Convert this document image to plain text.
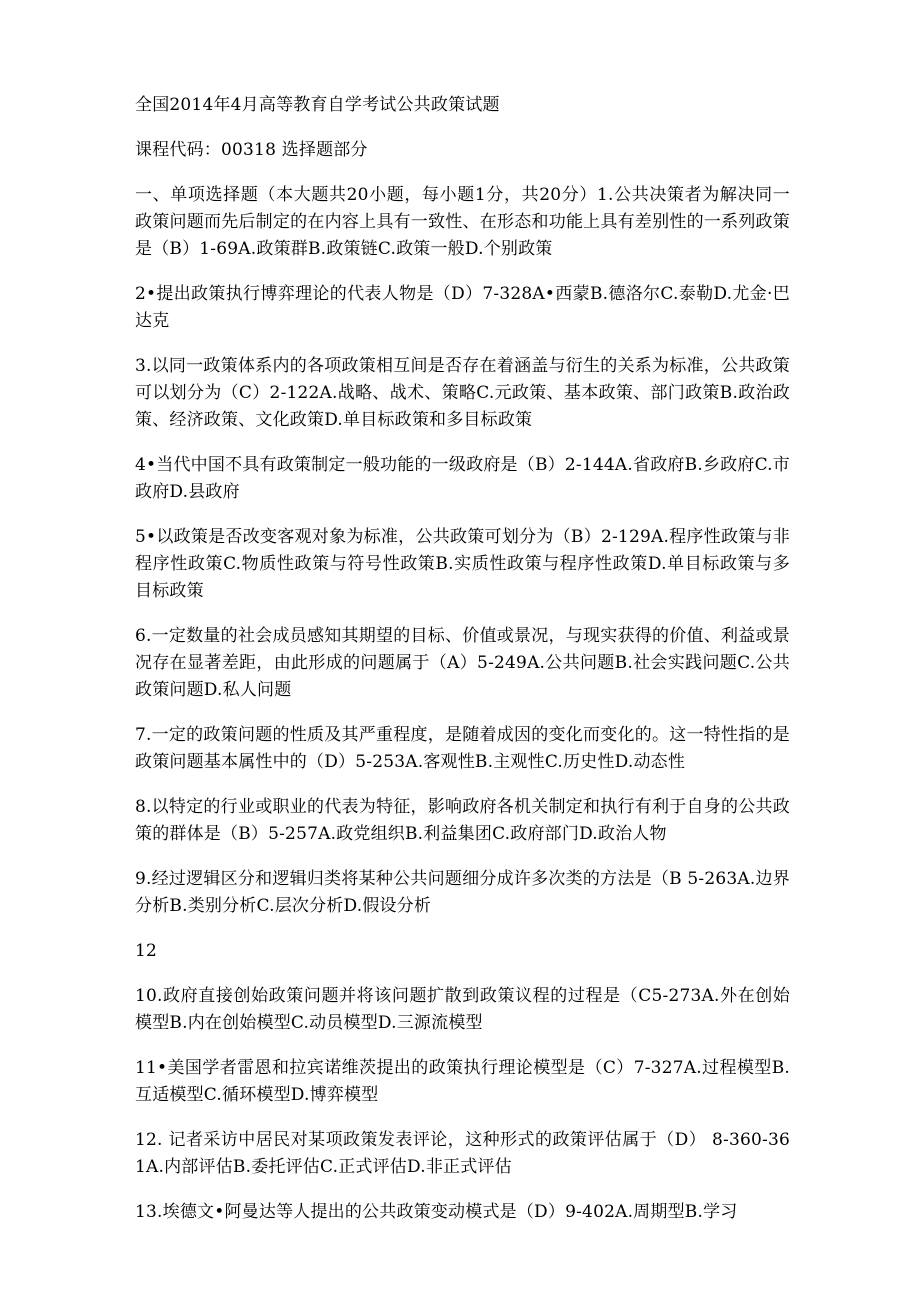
全国2014年4月高等教育自学考试公共政策试题

课程代码：00318 选择题部分

一、单项选择题（本大题共20小题，每小题1分，共20分）1.公共决策者为解决同一政策问题而先后制定的在内容上具有一致性、在形态和功能上具有差别性的一系列政策是（B）1-69A.政策群B.政策链C.政策一般D.个别政策

2•提出政策执行博弈理论的代表人物是（D）7-328A•西蒙B.德洛尔C.泰勒D.尤金·巴达克

3.以同一政策体系内的各项政策相互间是否存在着涵盖与衍生的关系为标准，公共政策可以划分为（C）2-122A.战略、战术、策略C.元政策、基本政策、部门政策B.政治政策、经济政策、文化政策D.单目标政策和多目标政策

4•当代中国不具有政策制定一般功能的一级政府是（B）2-144A.省政府B.乡政府C.市政府D.县政府

5•以政策是否改变客观对象为标准，公共政策可划分为（B）2-129A.程序性政策与非程序性政策C.物质性政策与符号性政策B.实质性政策与程序性政策D.单目标政策与多目标政策

6.一定数量的社会成员感知其期望的目标、价值或景况，与现实获得的价值、利益或景况存在显著差距，由此形成的问题属于（A）5-249A.公共问题B.社会实践问题C.公共政策问题D.私人问题

7.一定的政策问题的性质及其严重程度，是随着成因的变化而变化的。这一特性指的是政策问题基本属性中的（D）5-253A.客观性B.主观性C.历史性D.动态性

8.以特定的行业或职业的代表为特征，影响政府各机关制定和执行有利于自身的公共政策的群体是（B）5-257A.政党组织B.利益集团C.政府部门D.政治人物

9.经过逻辑区分和逻辑归类将某种公共问题细分成许多次类的方法是（B 5-263A.边界分析B.类别分析C.层次分析D.假设分析

12

10.政府直接创始政策问题并将该问题扩散到政策议程的过程是（C5-273A.外在创始模型B.内在创始模型C.动员模型D.三源流模型

11•美国学者雷恩和拉宾诺维茨提出的政策执行理论模型是（C）7-327A.过程模型B.互适模型C.循环模型D.博弈模型

12. 记者采访中居民对某项政策发表评论，这种形式的政策评估属于（D） 8-360-361A.内部评估B.委托评估C.正式评估D.非正式评估

13.埃德文•阿曼达等人提出的公共政策变动模式是（D）9-402A.周期型B.学习
